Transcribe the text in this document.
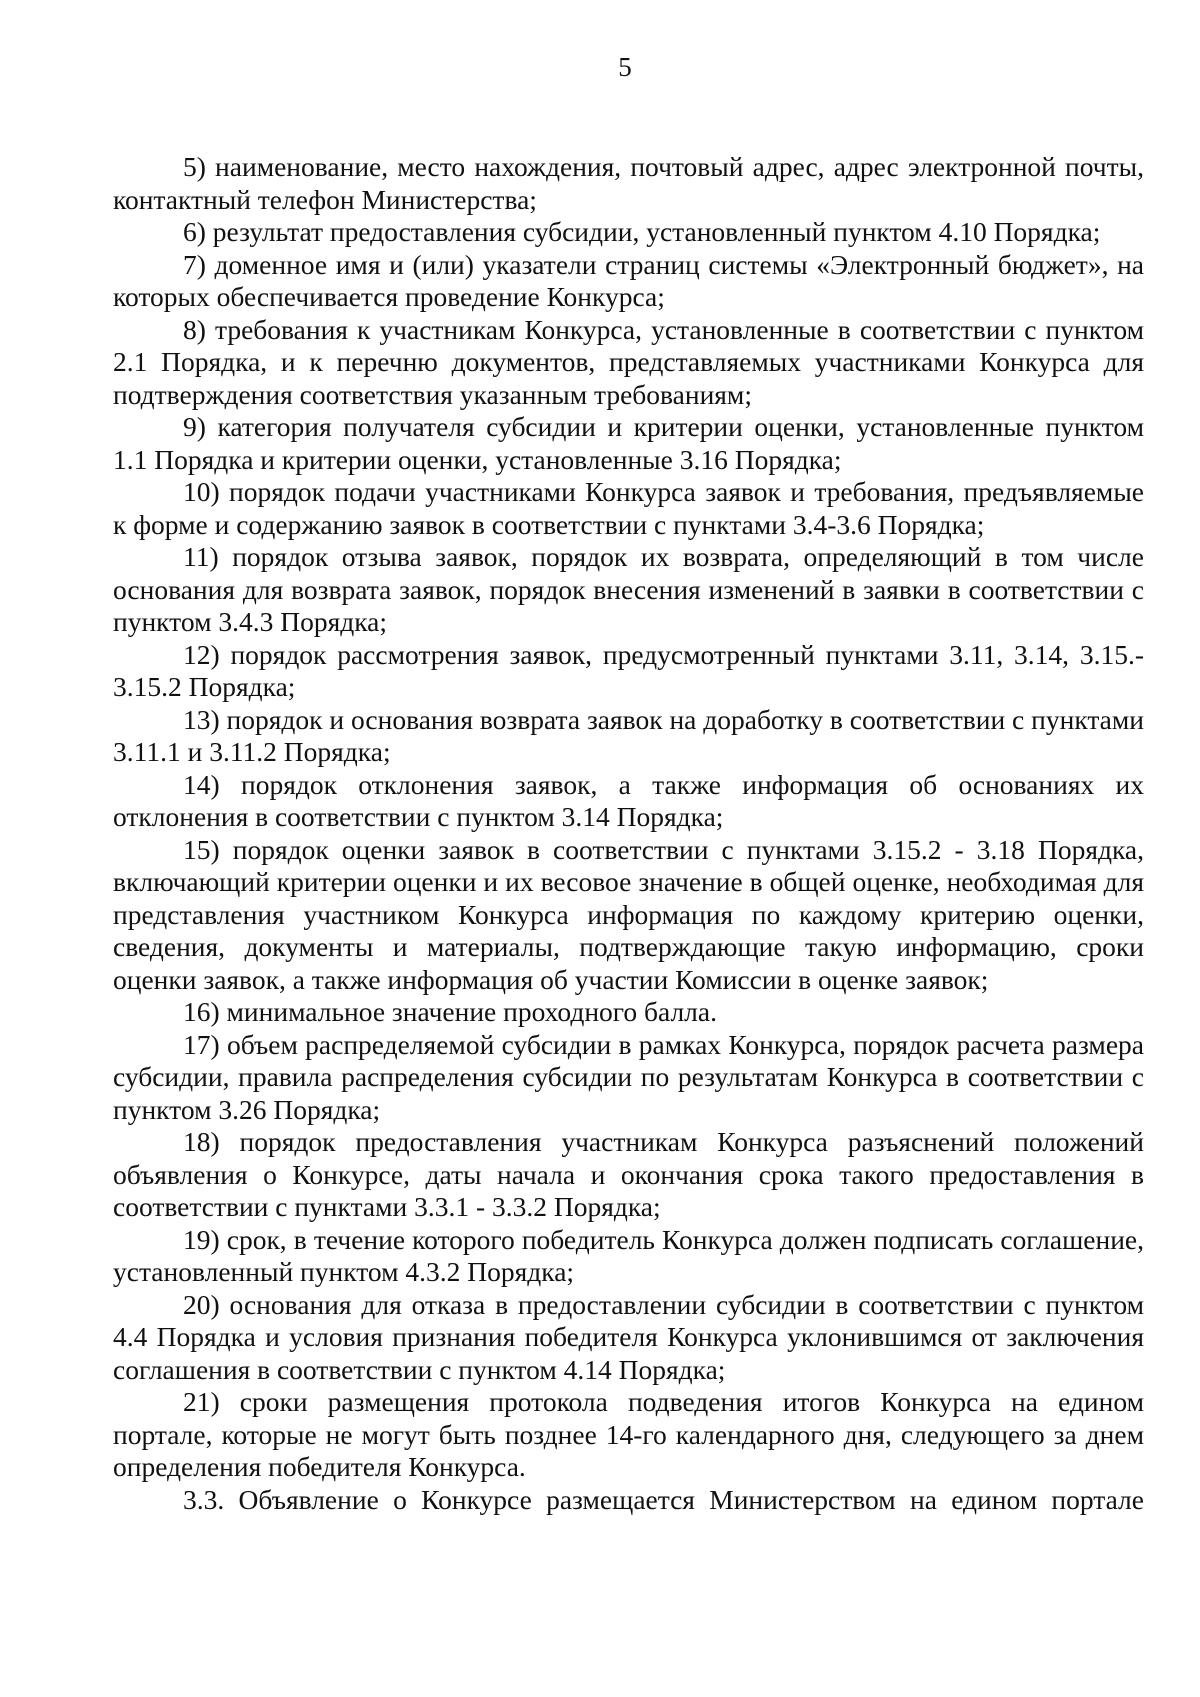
5

5) наименование, место нахождения, почтовый адрес, адрес электронной почты, контактный телефон Министерства;

6) результат предоставления субсидии, установленный пунктом 4.10 Порядка;

7) доменное имя и (или) указатели страниц системы «Электронный бюджет», на которых обеспечивается проведение Конкурса;

8) требования к участникам Конкурса, установленные в соответствии с пунктом 2.1 Порядка, и к перечню документов, представляемых участниками Конкурса для подтверждения соответствия указанным требованиям;

9) категория получателя субсидии и критерии оценки, установленные пунктом 1.1 Порядка и критерии оценки, установленные 3.16 Порядка;

10) порядок подачи участниками Конкурса заявок и требования, предъявляемые к форме и содержанию заявок в соответствии с пунктами 3.4-3.6 Порядка;

11) порядок отзыва заявок, порядок их возврата, определяющий в том числе основания для возврата заявок, порядок внесения изменений в заявки в соответствии с пунктом 3.4.3 Порядка;

12) порядок рассмотрения заявок, предусмотренный пунктами 3.11, 3.14, 3.15.- 3.15.2 Порядка;

13) порядок и основания возврата заявок на доработку в соответствии с пунктами 3.11.1 и 3.11.2 Порядка;

14) порядок отклонения заявок, а также информация об основаниях их отклонения в соответствии с пунктом 3.14 Порядка;

15) порядок оценки заявок в соответствии с пунктами 3.15.2 - 3.18 Порядка, включающий критерии оценки и их весовое значение в общей оценке, необходимая для представления участником Конкурса информация по каждому критерию оценки, сведения, документы и материалы, подтверждающие такую информацию, сроки оценки заявок, а также информация об участии Комиссии в оценке заявок;

16) минимальное значение проходного балла.

17) объем распределяемой субсидии в рамках Конкурса, порядок расчета размера субсидии, правила распределения субсидии по результатам Конкурса в соответствии с пунктом 3.26 Порядка;

18) порядок предоставления участникам Конкурса разъяснений положений объявления о Конкурсе, даты начала и окончания срока такого предоставления в соответствии с пунктами 3.3.1 - 3.3.2 Порядка;

19) срок, в течение которого победитель Конкурса должен подписать соглашение, установленный пунктом 4.3.2 Порядка;

20) основания для отказа в предоставлении субсидии в соответствии с пунктом 4.4 Порядка и условия признания победителя Конкурса уклонившимся от заключения соглашения в соответствии с пунктом 4.14 Порядка;

21) сроки размещения протокола подведения итогов Конкурса на едином портале, которые не могут быть позднее 14-го календарного дня, следующего за днем определения победителя Конкурса.

3.3. Объявление о Конкурсе размещается Министерством на едином портале
